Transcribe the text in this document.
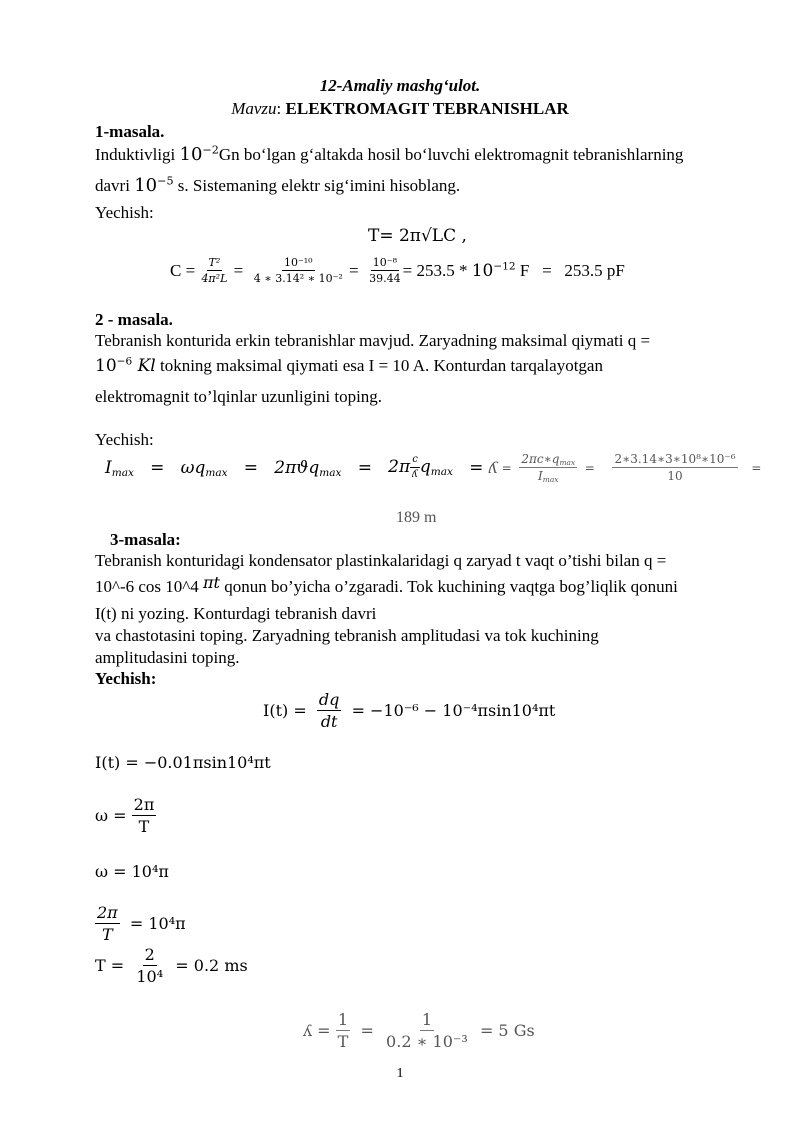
12-Amaliy mashg‘ulot.
Mavzu: ELEKTROMAGIT TEBRANISHLAR
1-masala.
Induktivligi $10^{-2}Gn$ bo‘lgan g‘altakda hosil bo‘luvchi elektromagnit tebranishlarning
davri $10^{-5}$ s. Sistemaning elektr sig‘imini hisoblang.
Yechish:
T= 2π√LC ,
C =
$\frac{\text{T²}}{\text{4π²L}} = \frac{\text{10⁻¹⁰}}{\text{4 ∗ 3.14² ∗ 10⁻²}} = \frac{\text{10⁻⁸}}{39.44} = 253.5$ *
$10^{-12}$
F = 253.5 pF
2 - masala.
Tebranish konturida erkin tebranishlar mavjud. Zaryadning maksimal qiymati q =
$10^{-6}$ Kl tokning maksimal qiymati esa I = 10 A. Konturdan tarqalayotgan
elektromagnit to’lqinlar uzunligini toping.
Yechish:
$I_{max} = \omega q_{max} = 2\pi ϑq_{max} = 2\pi \frac{c}{\text{ʎ}} q_{max}$ = ʎ = $\frac{2\pi c∗q_{max}}{I_{max}} = \frac{\text{2∗3.14∗3∗10⁸∗10⁻⁶}}{10}$ =
189 m
3-masala:
Tebranish konturidagi kondensator plastinkalaridagi q zaryad t vaqt o’tishi bilan q =
10^-6 cos 10^4 πt qonun bo’yicha o’zgaradi. Tok kuchining vaqtga bog’liqlik qonuni
I(t) ni yozing. Konturdagi tebranish davri
va chastotasini toping. Zaryadning tebranish amplitudasi va tok kuchining
amplitudasini toping.
Yechish:
I(t) =
$\frac{dq}{dt}$
= −10⁻⁶ − 10⁻⁴πsin10⁴πt
I(t) = −0.01πsin10⁴πt
ω =
$\frac{2\pi}{T}$
ω = 10⁴π
$\frac{2\pi}{T}$
= 10⁴π
T =
$\frac{2}{\text{10⁴}}$
= 0.2 ms
ʎ =
$\frac{1}{T}$
=
$\frac{1}{\text{0.2 ∗ 10⁻³}}$
= 5 Gs
1
